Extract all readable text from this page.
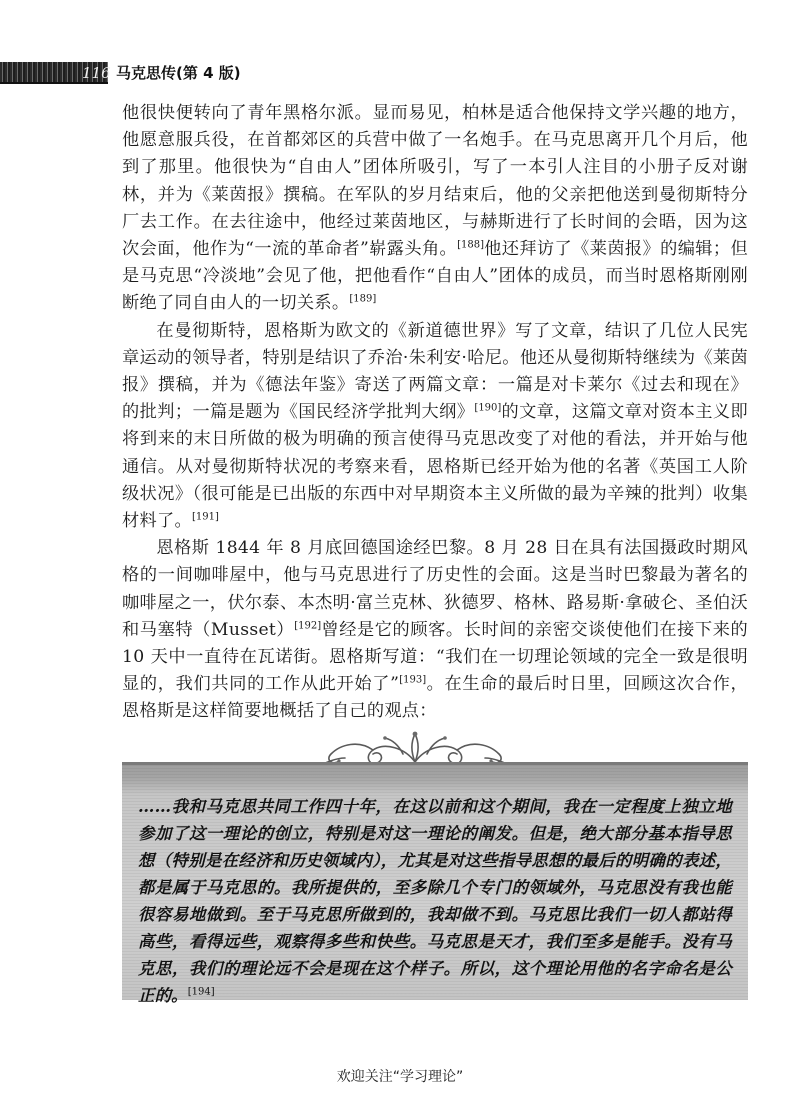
116 马克思传(第 4 版)

他很快便转向了青年黑格尔派。显而易见，柏林是适合他保持文学兴趣的地方，他愿意服兵役，在首都郊区的兵营中做了一名炮手。在马克思离开几个月后，他到了那里。他很快为“自由人”团体所吸引，写了一本引人注目的小册子反对谢林，并为《莱茵报》撰稿。在军队的岁月结束后，他的父亲把他送到曼彻斯特分厂去工作。在去往途中，他经过莱茵地区，与赫斯进行了长时间的会晤，因为这次会面，他作为“一流的革命者”崭露头角。[188]他还拜访了《莱茵报》的编辑；但是马克思“冷淡地”会见了他，把他看作“自由人”团体的成员，而当时恩格斯刚刚断绝了同自由人的一切关系。[189]

在曼彻斯特，恩格斯为欧文的《新道德世界》写了文章，结识了几位人民宪章运动的领导者，特别是结识了乔治·朱利安·哈尼。他还从曼彻斯特继续为《莱茵报》撰稿，并为《德法年鉴》寄送了两篇文章：一篇是对卡莱尔《过去和现在》的批判；一篇是题为《国民经济学批判大纲》[190]的文章，这篇文章对资本主义即将到来的末日所做的极为明确的预言使得马克思改变了对他的看法，并开始与他通信。从对曼彻斯特状况的考察来看，恩格斯已经开始为他的名著《英国工人阶级状况》（很可能是已出版的东西中对早期资本主义所做的最为辛辣的批判）收集材料了。[191]

恩格斯 1844 年 8 月底回德国途经巴黎。8 月 28 日在具有法国摄政时期风格的一间咖啡屋中，他与马克思进行了历史性的会面。这是当时巴黎最为著名的咖啡屋之一，伏尔泰、本杰明·富兰克林、狄德罗、格林、路易斯·拿破仑、圣伯沃和马塞特（Musset）[192]曾经是它的顾客。长时间的亲密交谈使他们在接下来的 10 天中一直待在瓦诺街。恩格斯写道：“我们在一切理论领域的完全一致是很明显的，我们共同的工作从此开始了”[193]。在生命的最后时日里，回顾这次合作，恩格斯是这样简要地概括了自己的观点：

……我和马克思共同工作四十年，在这以前和这个期间，我在一定程度上独立地参加了这一理论的创立，特别是对这一理论的阐发。但是，绝大部分基本指导思想（特别是在经济和历史领域内），尤其是对这些指导思想的最后的明确的表述，都是属于马克思的。我所提供的，至多除几个专门的领域外，马克思没有我也能很容易地做到。至于马克思所做到的，我却做不到。马克思比我们一切人都站得高些，看得远些，观察得多些和快些。马克思是天才，我们至多是能手。没有马克思，我们的理论远不会是现在这个样子。所以，这个理论用他的名字命名是公正的。[194]

欢迎关注“学习理论”
